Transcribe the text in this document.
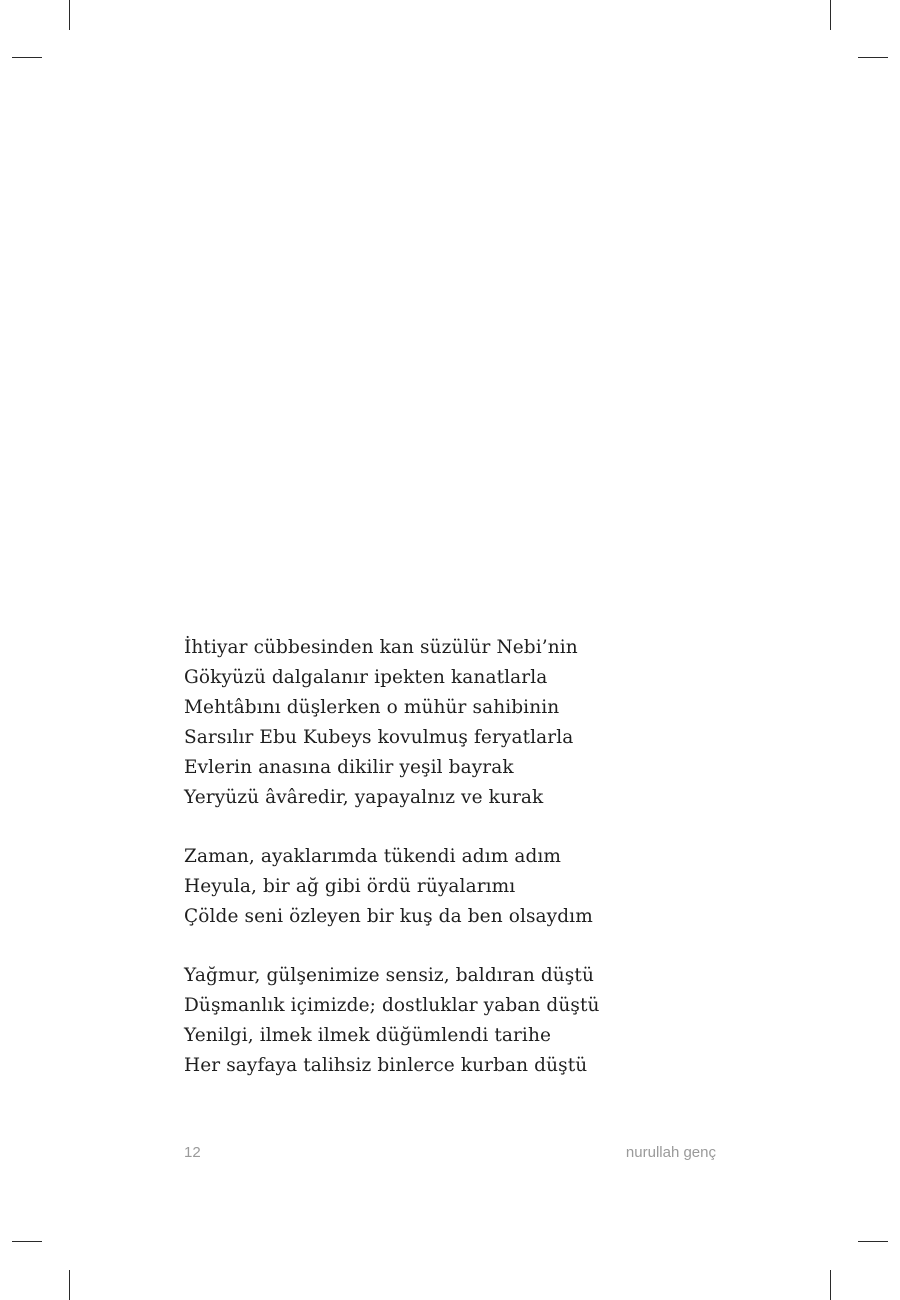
İhtiyar cübbesinden kan süzülür Nebi’nin
Gökyüzü dalgalanır ipekten kanatlarla
Mehtâbını düşlerken o mühür sahibinin
Sarsılır Ebu Kubeys kovulmuş feryatlarla
Evlerin anasına dikilir yeşil bayrak
Yeryüzü âvâredir, yapayalnız ve kurak
Zaman, ayaklarımda tükendi adım adım
Heyula, bir ağ gibi ördü rüyalarımı
Çölde seni özleyen bir kuş da ben olsaydım
Yağmur, gülşenimize sensiz, baldıran düştü
Düşmanlık içimizde; dostluklar yaban düştü
Yenilgi, ilmek ilmek düğümlendi tarihe
Her sayfaya talihsiz binlerce kurban düştü
12	nurullah genç
